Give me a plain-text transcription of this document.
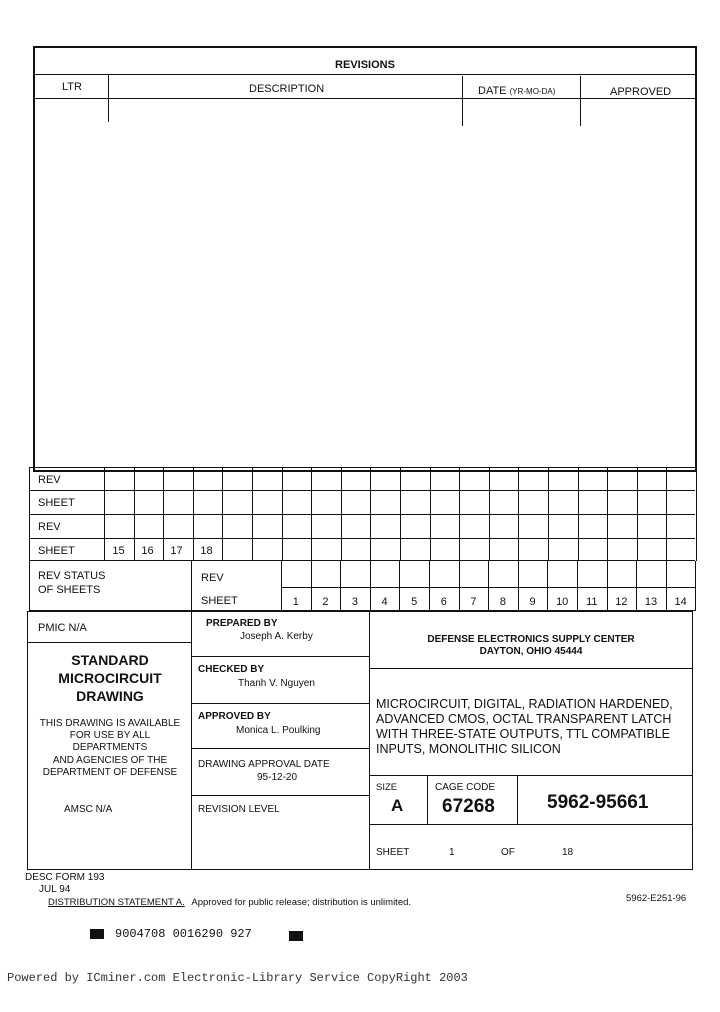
REVISIONS
LTR	DESCRIPTION	DATE (YR-MO-DA)	APPROVED
REV
SHEET
REV
SHEET	15	16	17	18
REV STATUS
OF SHEETS
REV
SHEET	1	2	3	4	5	6	7	8	9	10	11	12	13	14
PMIC N/A
STANDARD
MICROCIRCUIT
DRAWING
THIS DRAWING IS AVAILABLE
FOR USE BY ALL
DEPARTMENTS
AND AGENCIES OF THE
DEPARTMENT OF DEFENSE
AMSC N/A
PREPARED BY
Joseph A. Kerby
CHECKED BY
Thanh V. Nguyen
APPROVED BY
Monica L. Poulking
DRAWING APPROVAL DATE
95-12-20
REVISION LEVEL
DEFENSE ELECTRONICS SUPPLY CENTER
DAYTON, OHIO 45444
MICROCIRCUIT, DIGITAL, RADIATION HARDENED,
ADVANCED CMOS, OCTAL TRANSPARENT LATCH
WITH THREE-STATE OUTPUTS, TTL COMPATIBLE
INPUTS, MONOLITHIC SILICON
SIZE
A
CAGE CODE
67268	5962-95661
SHEET	1	OF	18
DESC FORM 193
JUL 94
DISTRIBUTION STATEMENT A. Approved for public release; distribution is unlimited.	5962-E251-96
9004708 0016290 927
Powered by ICminer.com Electronic-Library Service CopyRight 2003
